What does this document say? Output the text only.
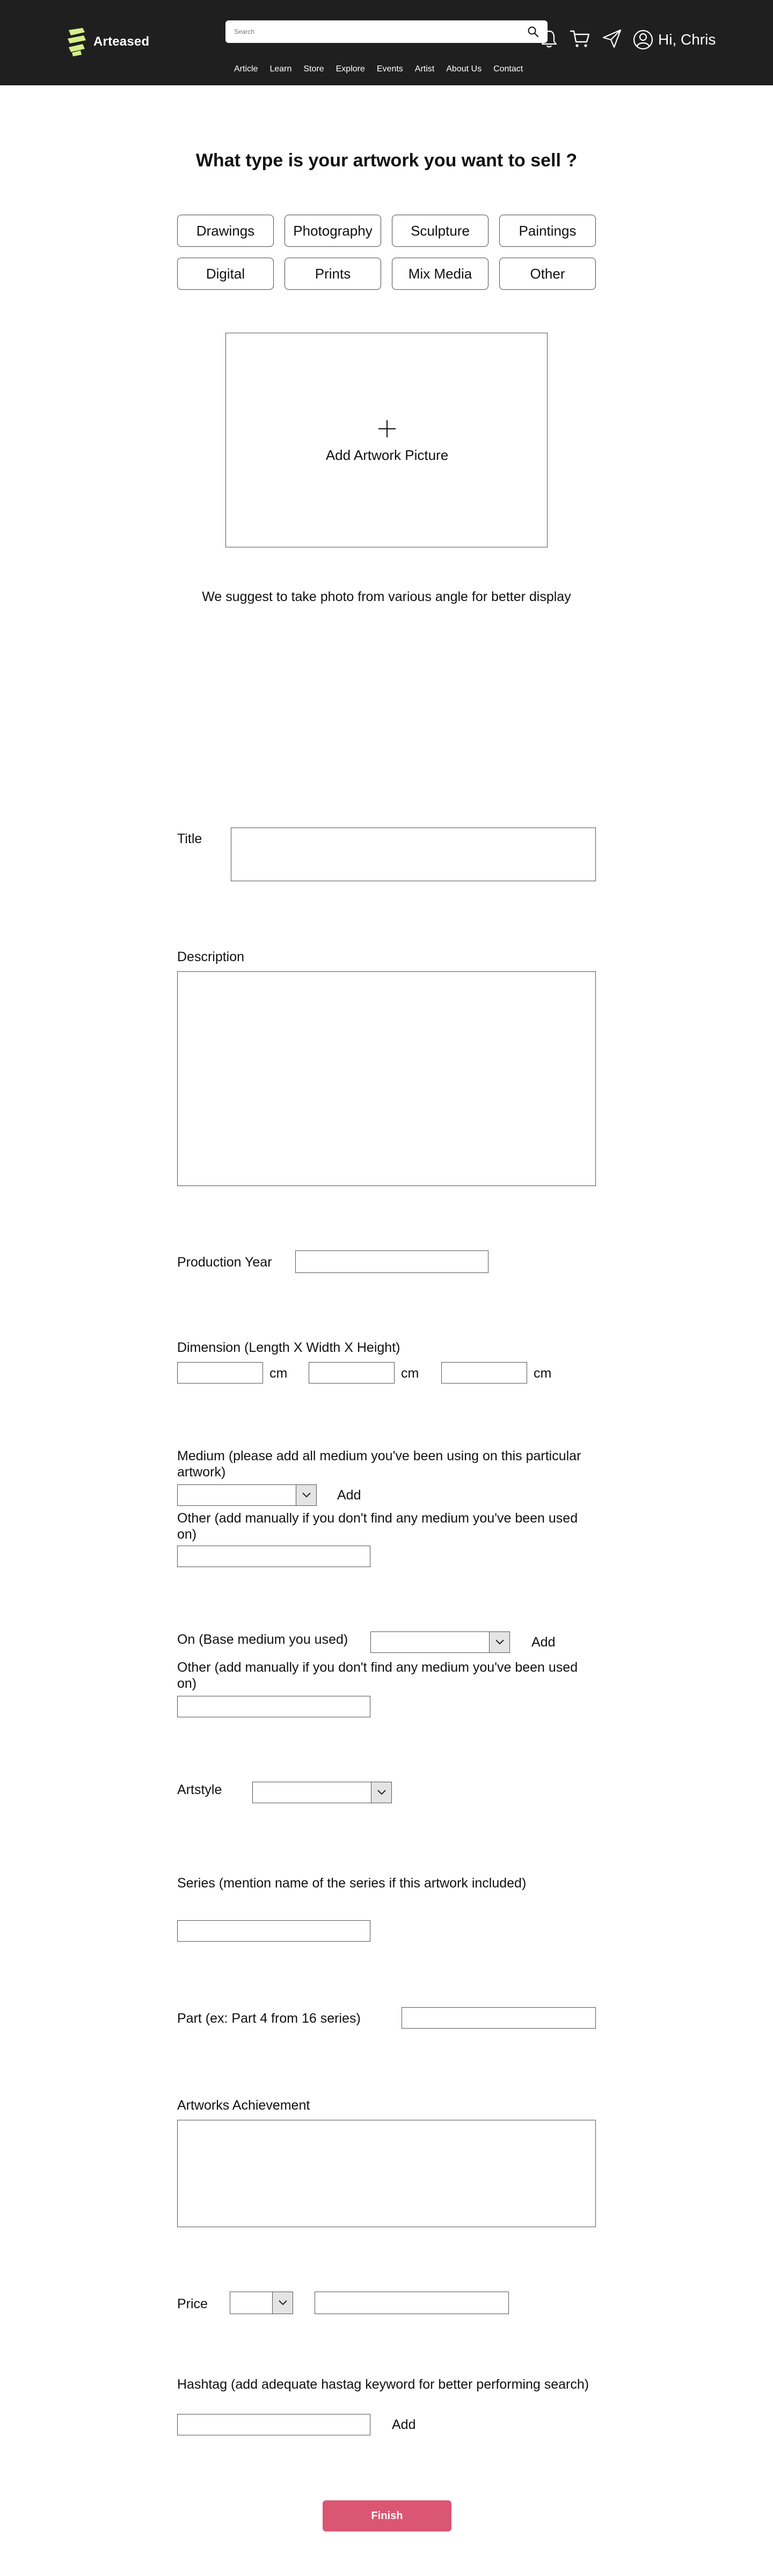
Arteased
Search
Article Learn Store Explore Events Artist About Us Contact
Hi, Chris
What type is your artwork you want to sell ?
Drawings	Photography	Sculpture	Paintings
Digital	Prints	Mix Media	Other
Add Artwork Picture
We suggest to take photo from various angle for better display
Title
Description
Production Year
Dimension (Length X Width X Height)
cm	cm	cm
Medium (please add all medium you've been using on this particular artwork)
Add
Other (add manually if you don't find any medium you've been used on)
On (Base medium you used)	Add
Other (add manually if you don't find any medium you've been used on)
Artstyle
Series (mention name of the series if this artwork included)
Part (ex: Part 4 from 16 series)
Artworks Achievement
Price
Hashtag (add adequate hastag keyword for better performing search)
Add
Finish
